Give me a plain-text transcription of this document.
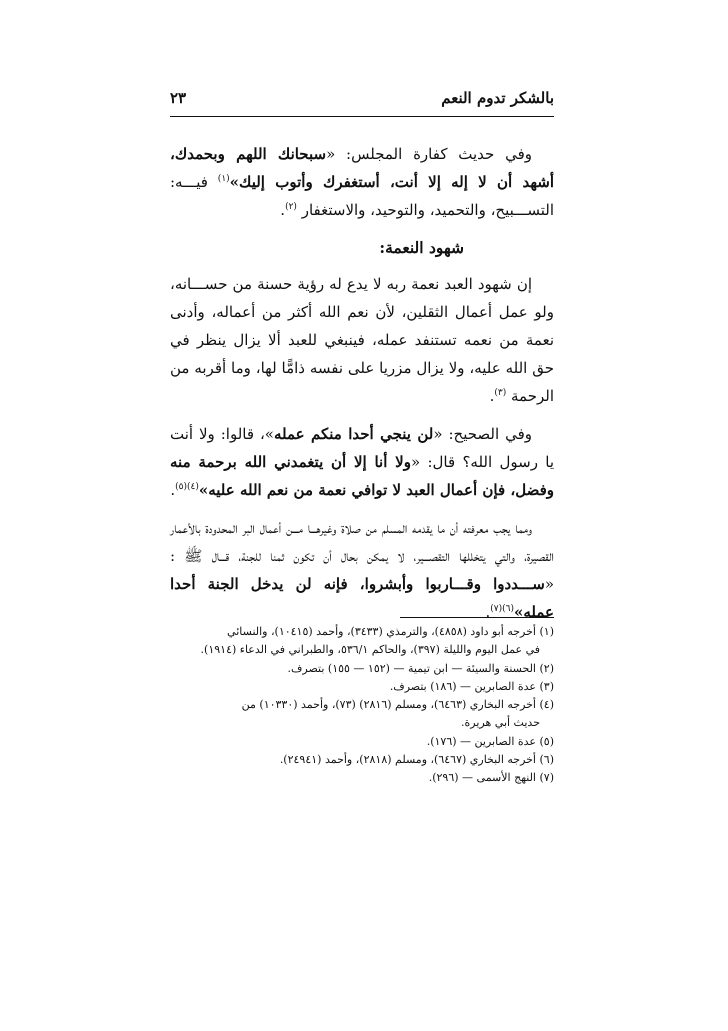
بالشكر تدوم النعم
٢٣

وفي حديث كفارة المجلس: «سبحانك اللهم وبحمدك، أشهد أن لا إله إلا أنت، أستغفرك وأتوب إليك»$^{(١)}$ فيـــه: التســـبيح، والتحميد، والتوحيد، والاستغفار $^{(٢)}$.

شهود النعمة:

إن شهود العبد نعمة ربه لا يدع له رؤية حسنة من حســـانه، ولو عمل أعمال الثقلين، لأن نعم الله أكثر من أعماله، وأدنى نعمة من نعمه تستنفد عمله، فينبغي للعبد ألا يزال ينظر في حق الله عليه، ولا يزال مزريا على نفسه ذامًّا لها، وما أقربه من الرحمة $^{(٣)}$.

وفي الصحيح: «لن ينجي أحدا منكم عمله»، قالوا: ولا أنت يا رسول الله؟ قال: «ولا أنا إلا أن يتغمدني الله برحمة منه وفضل، فإن أعمال العبد لا توافي نعمة من نعم الله عليه»$^{(٤)(٥)}$.

ومما يجب معرفته أن ما يقدمه المسلم من صلاة وغيرهـــا مـــن أعمال البر المحدودة بالأعمار القصيرة، والتي يتخللها التقصـــير، لا يمكن بحال أن تكون ثمنا للجنة، قـــال ﷺ : «ســـددوا وقـــاربوا وأبشروا، فإنه لن يدخل الجنة أحدا عمله»$^{(٦)(٧)}$.

(١) أخرجه أبو داود (٤٨٥٨)، والترمذي (٣٤٣٣)، وأحمد (١٠٤١٥)، والنسائي

في عمل اليوم والليلة (٣٩٧)، والحاكم ٥٣٦/١، والطبراني في الدعاء (١٩١٤).

(٢) الحسنة والسيئة — ابن تيمية — (١٥٢ — ١٥٥) بتصرف.

(٣) عدة الصابرين — (١٨٦) بتصرف.

(٤) أخرجه البخاري (٦٤٦٣)، ومسلم (٢٨١٦) (٧٣)، وأحمد (١٠٣٣٠) من

حديث أبي هريرة.

(٥) عدة الصابرين — (١٧٦).

(٦) أخرجه البخاري (٦٤٦٧)، ومسلم (٢٨١٨)، وأحمد (٢٤٩٤١).

(٧) النهج الأسمى — (٢٩٦).
